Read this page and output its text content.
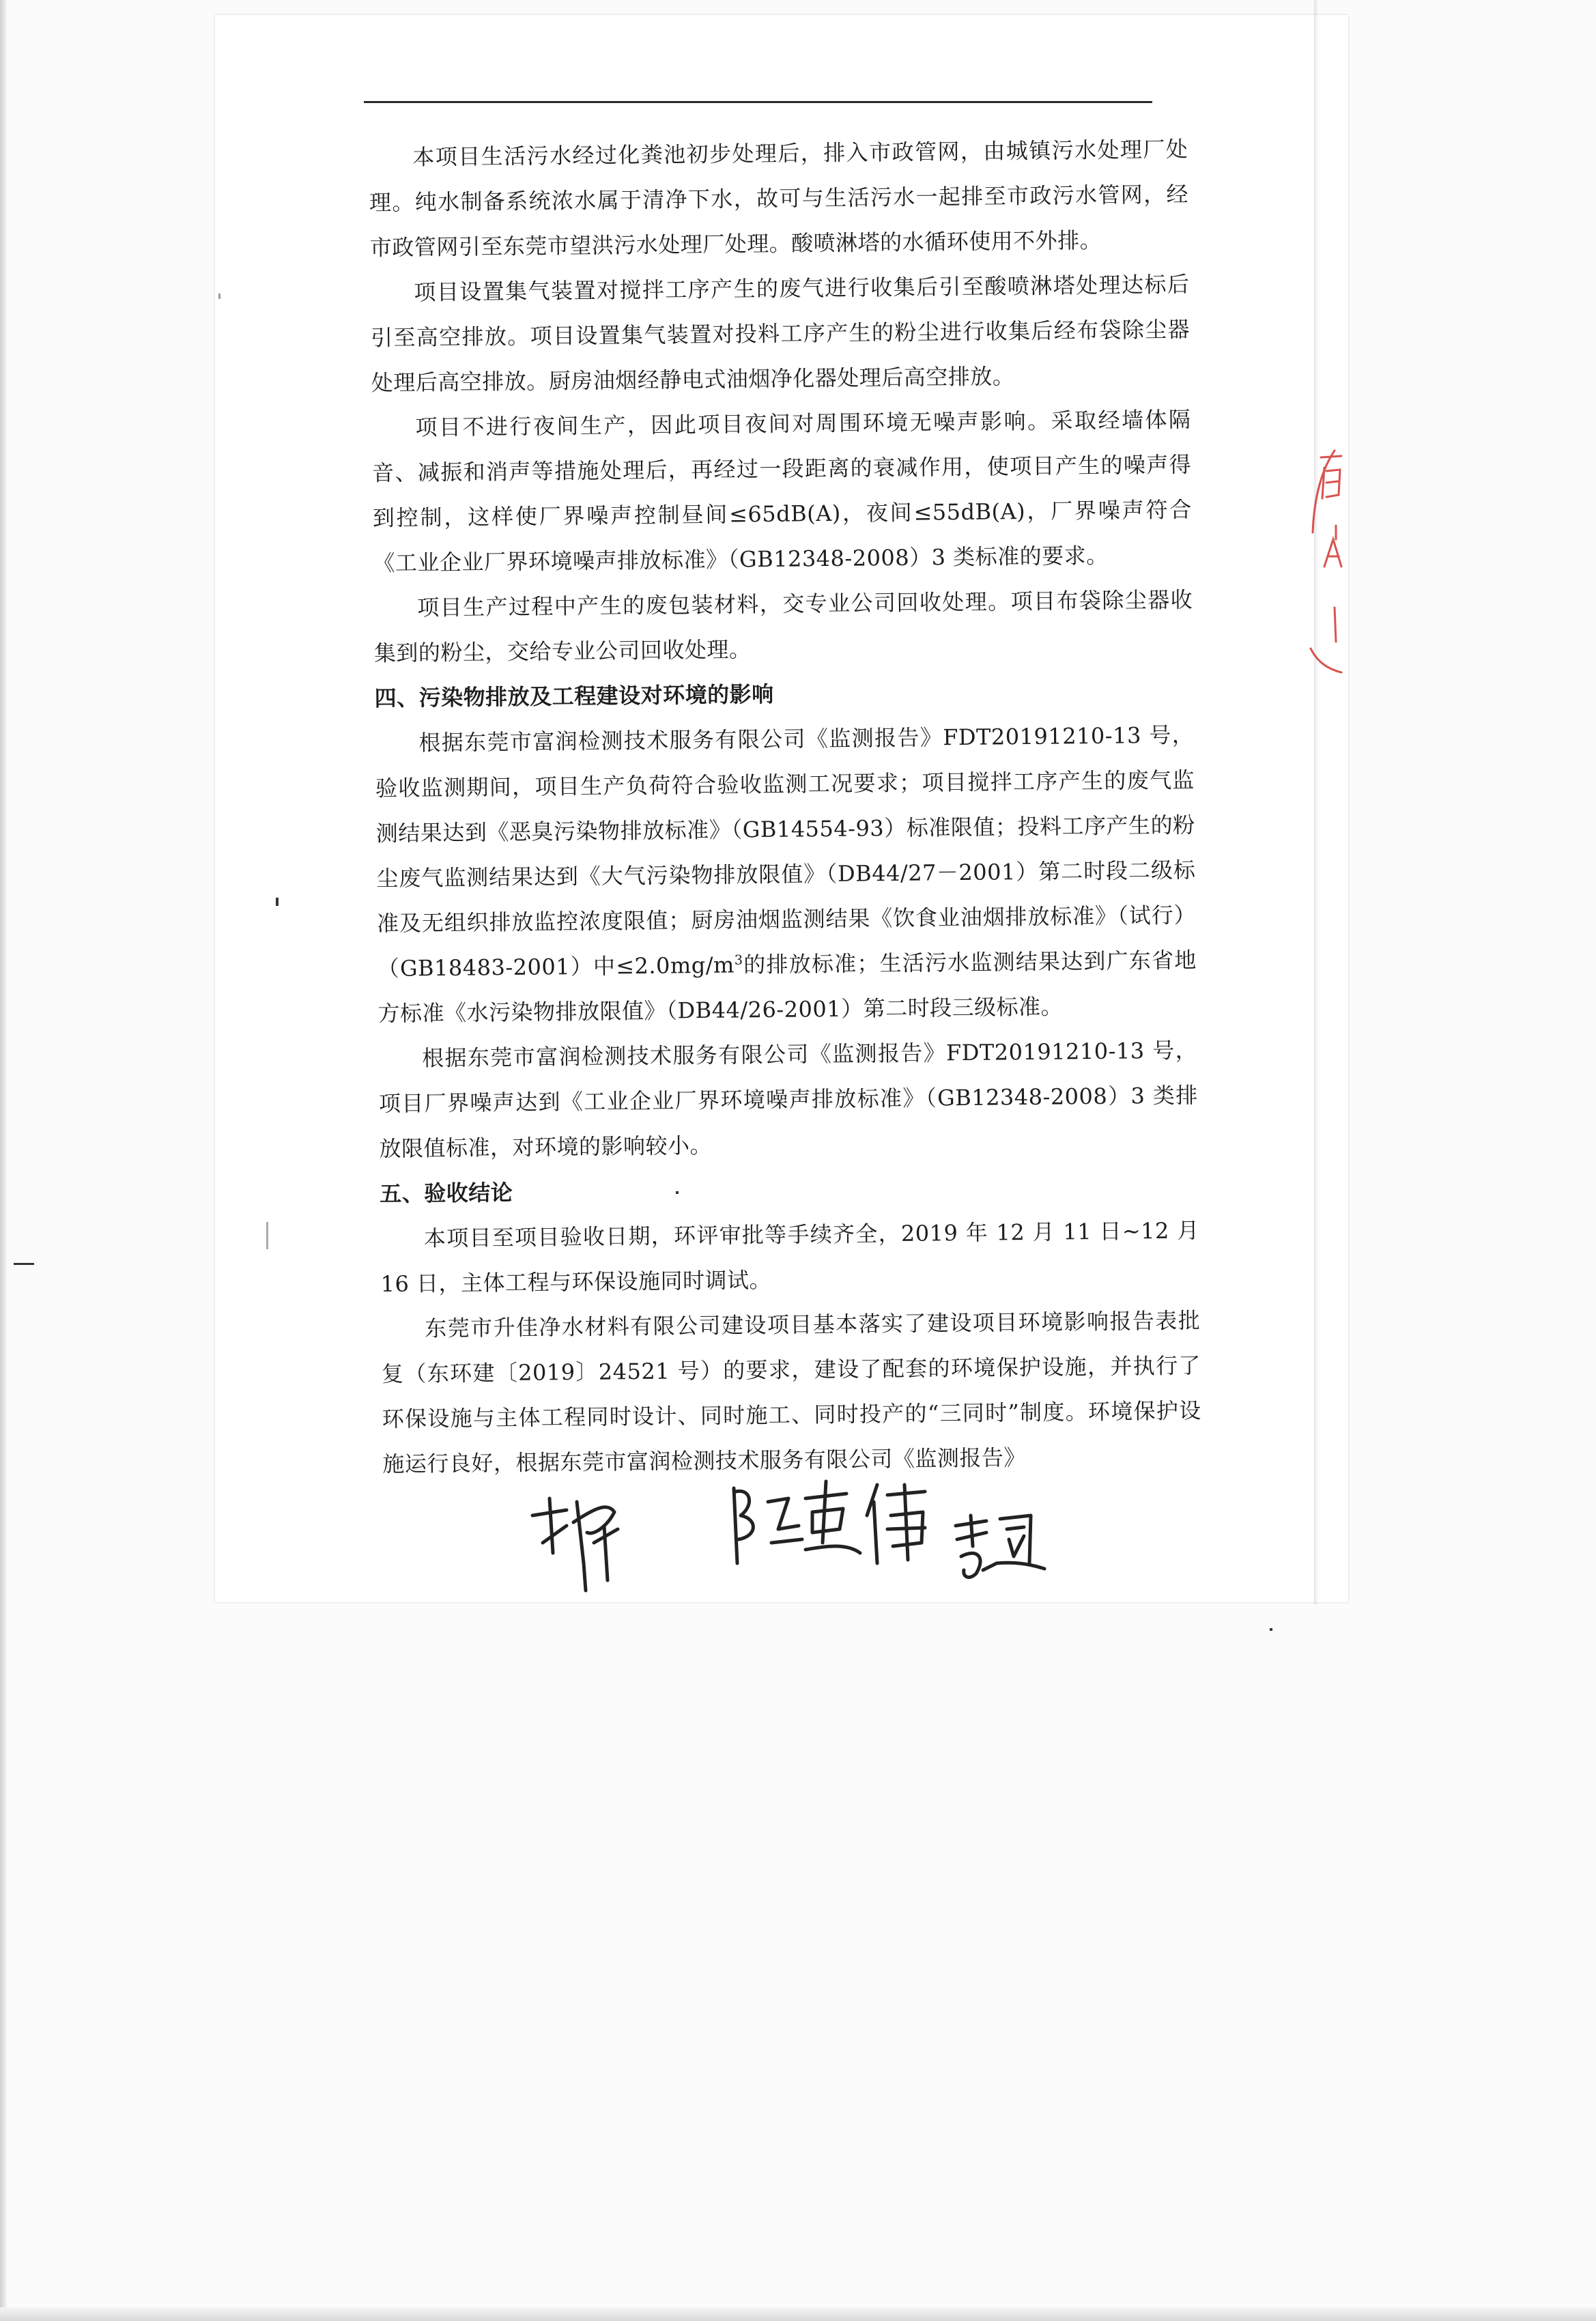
本项目生活污水经过化粪池初步处理后，排入市政管网，由城镇污水处理厂处理。纯水制备系统浓水属于清净下水，故可与生活污水一起排至市政污水管网，经市政管网引至东莞市望洪污水处理厂处理。酸喷淋塔的水循环使用不外排。

项目设置集气装置对搅拌工序产生的废气进行收集后引至酸喷淋塔处理达标后引至高空排放。项目设置集气装置对投料工序产生的粉尘进行收集后经布袋除尘器处理后高空排放。厨房油烟经静电式油烟净化器处理后高空排放。

项目不进行夜间生产，因此项目夜间对周围环境无噪声影响。采取经墙体隔音、减振和消声等措施处理后，再经过一段距离的衰减作用，使项目产生的噪声得到控制，这样使厂界噪声控制昼间≤65dB(A)，夜间≤55dB(A)，厂界噪声符合《工业企业厂界环境噪声排放标准》（GB12348-2008）3 类标准的要求。

项目生产过程中产生的废包装材料，交专业公司回收处理。项目布袋除尘器收集到的粉尘，交给专业公司回收处理。

四、污染物排放及工程建设对环境的影响

根据东莞市富润检测技术服务有限公司《监测报告》FDT20191210-13 号，验收监测期间，项目生产负荷符合验收监测工况要求；项目搅拌工序产生的废气监测结果达到《恶臭污染物排放标准》（GB14554-93）标准限值；投料工序产生的粉尘废气监测结果达到《大气污染物排放限值》（DB44/27－2001）第二时段二级标准及无组织排放监控浓度限值；厨房油烟监测结果《饮食业油烟排放标准》（试行）（GB18483-2001）中$\le 2.0mg/m^3$的排放标准；生活污水监测结果达到广东省地方标准《水污染物排放限值》（DB44/26-2001）第二时段三级标准。

根据东莞市富润检测技术服务有限公司《监测报告》FDT20191210-13 号，项目厂界噪声达到《工业企业厂界环境噪声排放标准》（GB12348-2008）3 类排放限值标准，对环境的影响较小。

五、验收结论

本项目至项目验收日期，环评审批等手续齐全，2019 年 12 月 11 日~12 月 16 日，主体工程与环保设施同时调试。

东莞市升佳净水材料有限公司建设项目基本落实了建设项目环境影响报告表批复（东环建〔2019〕24521 号）的要求，建设了配套的环境保护设施，并执行了环保设施与主体工程同时设计、同时施工、同时投产的“三同时”制度。环境保护设施运行良好，根据东莞市富润检测技术服务有限公司《监测报告》
